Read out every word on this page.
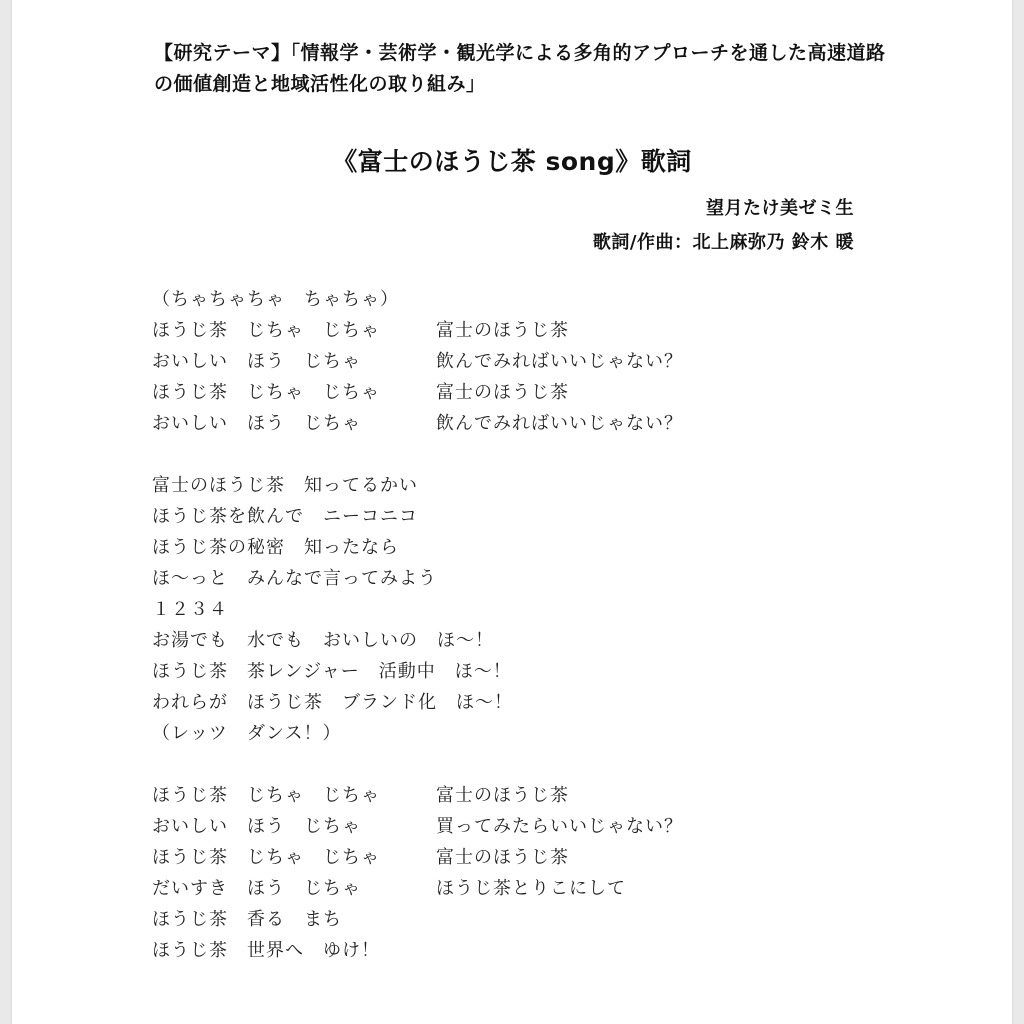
【研究テーマ】「情報学・芸術学・観光学による多角的アプローチを通した高速道路の価値創造と地域活性化の取り組み」
《富士のほうじ茶 song》歌詞
望月たけ美ゼミ生
歌詞/作曲：北上麻弥乃 鈴木 暖
（ちゃちゃちゃ　ちゃちゃ）
ほうじ茶　じちゃ　じちゃ	富士のほうじ茶
おいしい　ほう　じちゃ	飲んでみればいいじゃない？
ほうじ茶　じちゃ　じちゃ	富士のほうじ茶
おいしい　ほう　じちゃ	飲んでみればいいじゃない？
富士のほうじ茶　知ってるかい
ほうじ茶を飲んで　ニーコニコ
ほうじ茶の秘密　知ったなら
ほ〜っと　みんなで言ってみよう
１２３４
お湯でも　水でも　おいしいの　ほ〜！
ほうじ茶　茶レンジャー　活動中　ほ〜！
われらが　ほうじ茶　ブランド化　ほ〜！
（レッツ　ダンス！）
ほうじ茶　じちゃ　じちゃ	富士のほうじ茶
おいしい　ほう　じちゃ	買ってみたらいいじゃない？
ほうじ茶　じちゃ　じちゃ	富士のほうじ茶
だいすき　ほう　じちゃ	ほうじ茶とりこにして
ほうじ茶　香る　まち
ほうじ茶　世界へ　ゆけ！
